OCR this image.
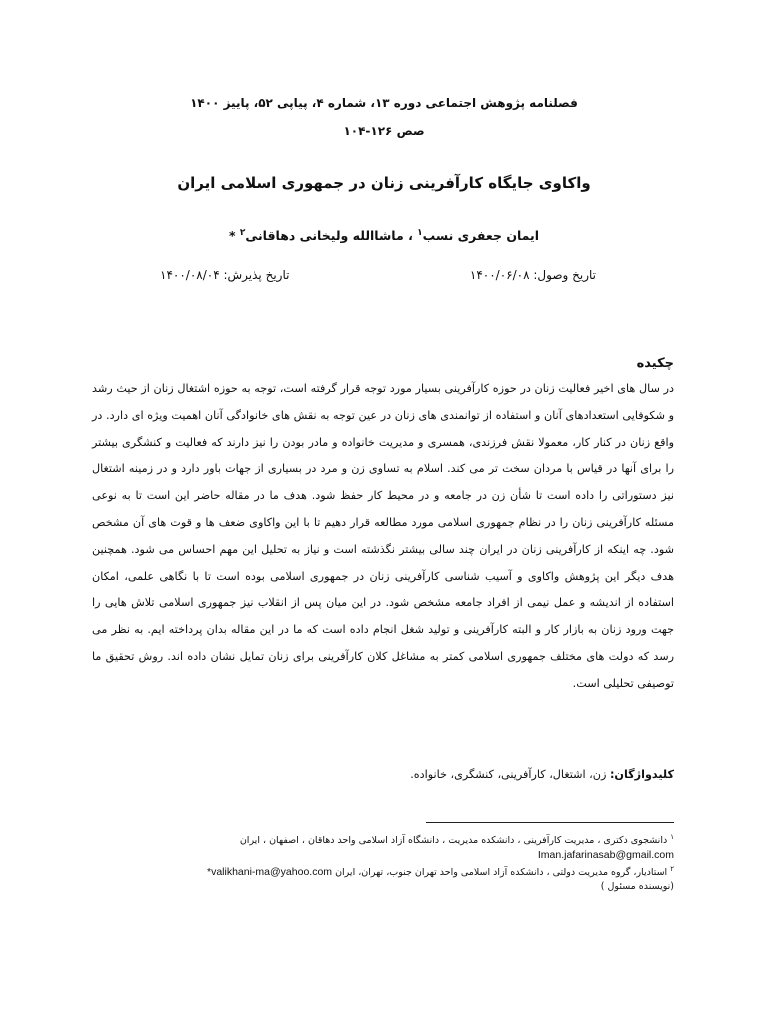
فصلنامه پژوهش اجتماعی دوره ۱۳، شماره ۴، پیاپی ۵۲، پاییز ۱۴۰۰
صص ۱۲۶-۱۰۴
واکاوی جایگاه کارآفرینی زنان در جمهوری اسلامی ایران
ایمان جعفری نسب$^۱$ ، ماشاالله ولیخانی دهاقانی$^۲$ *
تاریخ وصول: ۱۴۰۰/۰۶/۰۸
تاریخ پذیرش: ۱۴۰۰/۰۸/۰۴
چکیده
در سال های اخیر فعالیت زنان در حوزه کارآفرینی بسیار مورد توجه قرار گرفته است، توجه به حوزه اشتغال زنان از حیث رشد و شکوفایی استعدادهای آنان و استفاده از توانمندی های زنان در عین توجه به نقش های خانوادگی آنان اهمیت ویژه ای دارد. در واقع زنان در کنار کار، معمولا نقش فرزندی، همسری و مدیریت خانواده و مادر بودن را نیز دارند که فعالیت و کنشگری بیشتر را برای آنها در قیاس با مردان سخت تر می کند. اسلام به تساوی زن و مرد در بسیاری از جهات باور دارد و در زمینه اشتغال نیز دستوراتی را داده است تا شأن زن در جامعه و در محیط کار حفظ شود. هدف ما در مقاله حاضر این است تا به نوعی مسئله کارآفرینی زنان را در نظام جمهوری اسلامی مورد مطالعه قرار دهیم تا با این واکاوی ضعف ها و قوت های آن مشخص شود. چه اینکه از کارآفرینی زنان در ایران چند سالی بیشتر نگذشته است و نیاز به تحلیل این مهم احساس می شود. همچنین هدف دیگر این پژوهش واکاوی و آسیب شناسی کارآفرینی زنان در جمهوری اسلامی بوده است تا با نگاهی علمی، امکان استفاده از اندیشه و عمل نیمی از افراد جامعه مشخص شود. در این میان پس از انقلاب نیز جمهوری اسلامی تلاش هایی را جهت ورود زنان به بازار کار و البته کارآفرینی و تولید شغل انجام داده است که ما در این مقاله بدان پرداخته ایم. به نظر می رسد که دولت های مختلف جمهوری اسلامی کمتر به مشاغل کلان کارآفرینی برای زنان تمایل نشان داده اند. روش تحقیق ما توصیفی تحلیلی است.
کلیدواژگان: زن، اشتغال، کارآفرینی، کنشگری، خانواده.
$^۱$ دانشجوی دکتری ، مدیریت کارآفرینی ، دانشکده مدیریت ، دانشگاه آزاد اسلامی واحد دهاقان ، اصفهان ، ایران
Iman.jafarinasab@gmail.com
$^۲$ استادیار، گروه مدیریت دولتی ، دانشکده آزاد اسلامی واحد تهران جنوب، تهران، ایران *valikhani-ma@yahoo.com
(نویسنده مسئول )
